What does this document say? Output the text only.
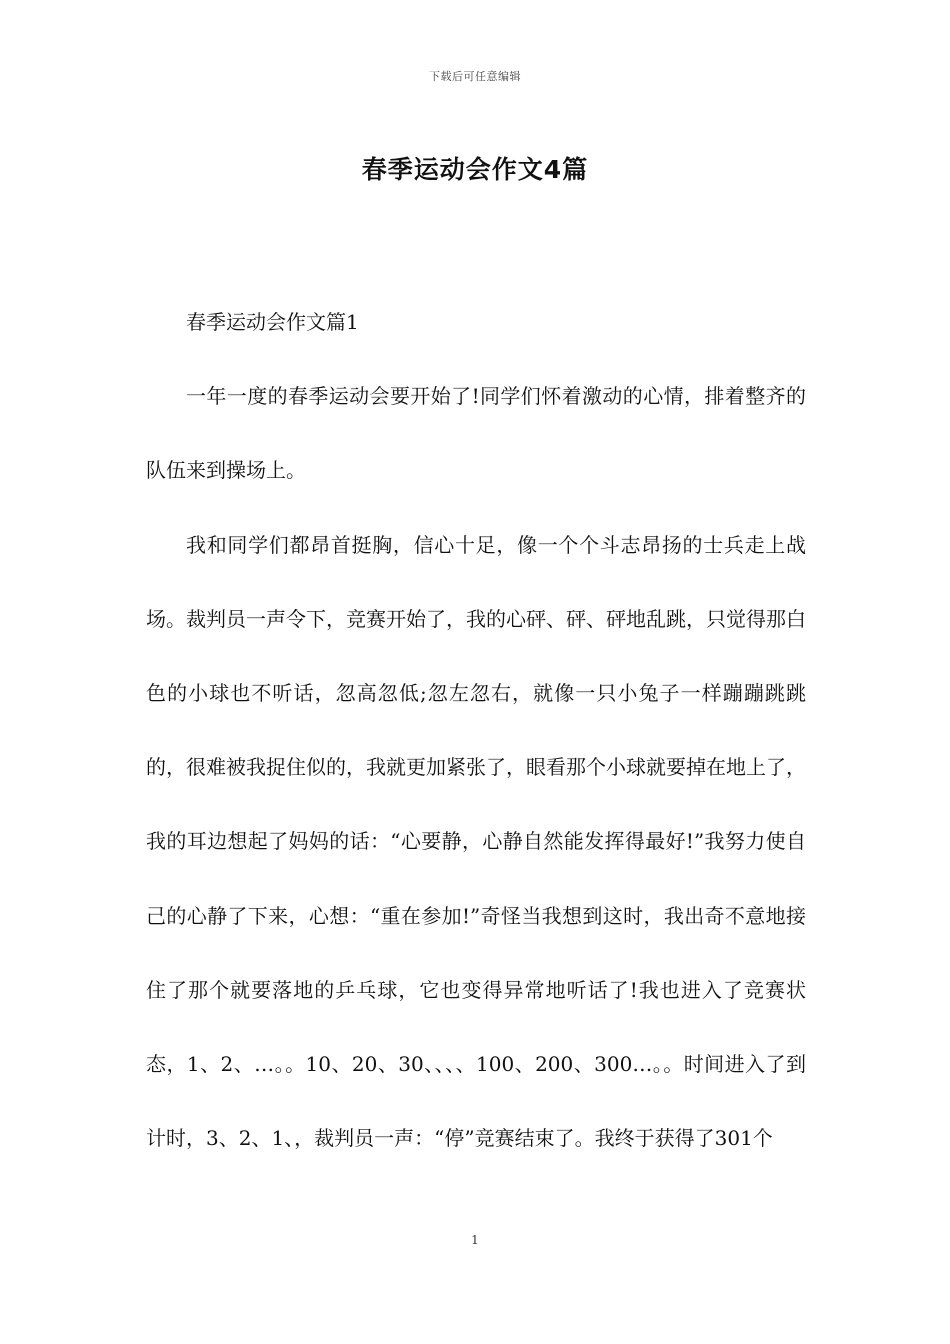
下载后可任意编辑
春季运动会作文4篇

春季运动会作文篇1

一年一度的春季运动会要开始了!同学们怀着激动的心情，排着整齐的队伍来到操场上。

我和同学们都昂首挺胸，信心十足，像一个个斗志昂扬的士兵走上战场。裁判员一声令下，竞赛开始了，我的心砰、砰、砰地乱跳，只觉得那白色的小球也不听话，忽高忽低;忽左忽右，就像一只小兔子一样蹦蹦跳跳的，很难被我捉住似的，我就更加紧张了，眼看那个小球就要掉在地上了，我的耳边想起了妈妈的话：“心要静，心静自然能发挥得最好!”我努力使自己的心静了下来，心想：“重在参加!”奇怪当我想到这时，我出奇不意地接住了那个就要落地的乒乓球，它也变得异常地听话了!我也进入了竞赛状态，1、2、…。。10、20、30、、、、100、200、300…。。时间进入了到计时，3、2、1、，裁判员一声：“停”竞赛结束了。我终于获得了301个

1
